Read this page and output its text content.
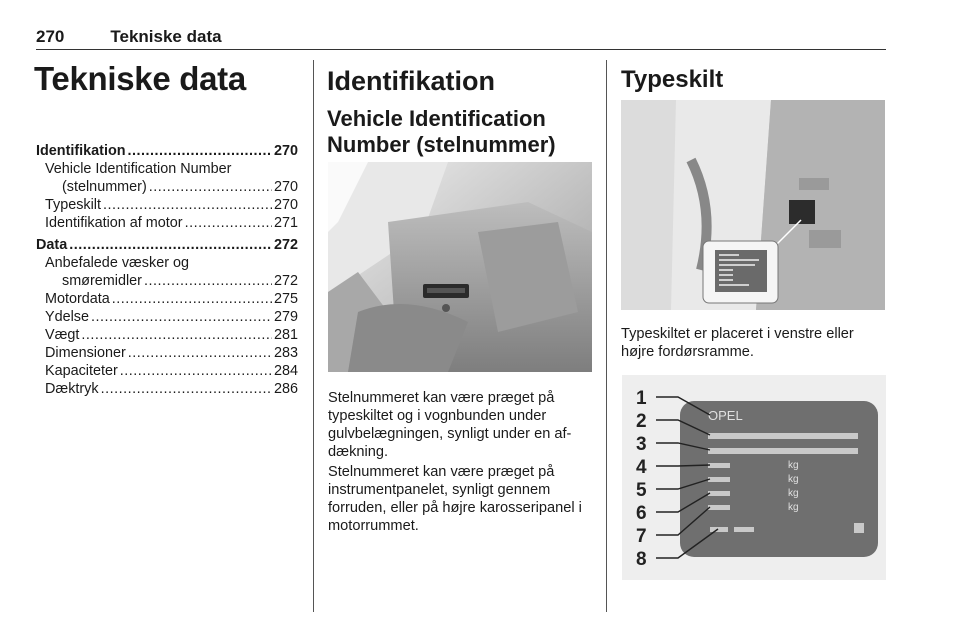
270	Tekniske data
Tekniske data
Identifikation .....	270
Vehicle Identification Number
(stelnummer) .....	270
Typeskilt .....	270
Identifikation af motor .....	271
Data .....	272
Anbefalede væsker og
smøremidler .....	272
Motordata .....	275
Ydelse .....	279
Vægt .....	281
Dimensioner .....	283
Kapaciteter .....	284
Dæktryk .....	286
Identifikation
Vehicle Identification
Number (stelnummer)

Stelnummeret kan være præget på typeskiltet og i vognbunden under gulvbelægningen, synligt under en afdækning.

Stelnummeret kan være præget på instrumentpanelet, synligt gennem forruden, eller på højre karosseripanel i motorrummet.

Typeskilt

Typeskiltet er placeret i venstre eller højre fordørsramme.

OPEL
kg
kg
kg
kg
1
2
3
4
5
6
7
8
